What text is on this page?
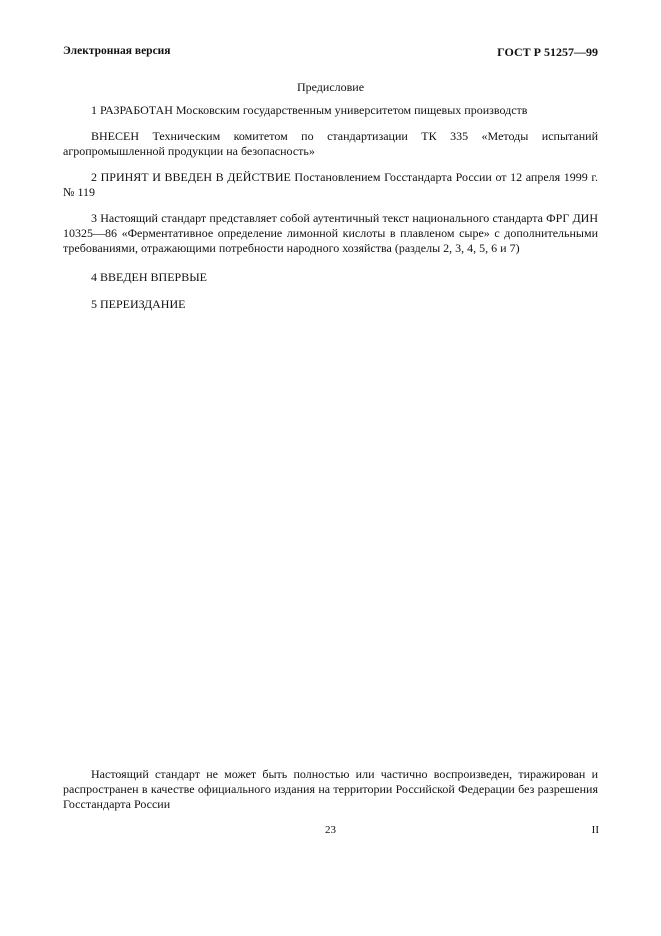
Электронная версия	ГОСТ Р 51257—99
Предисловие

1 РАЗРАБОТАН Московским государственным университетом пищевых производств

ВНЕСЕН Техническим комитетом по стандартизации ТК 335 «Методы испытаний агропромышленной продукции на безопасность»

2 ПРИНЯТ И ВВЕДЕН В ДЕЙСТВИЕ Постановлением Госстандарта России от 12 апреля 1999 г. № 119

3 Настоящий стандарт представляет собой аутентичный текст национального стандарта ФРГ ДИН 10325—86 «Ферментативное определение лимонной кислоты в плавленом сыре» с дополнительными требованиями, отражающими потребности народного хозяйства (разделы 2, 3, 4, 5, 6 и 7)

4 ВВЕДЕН ВПЕРВЫЕ

5 ПЕРЕИЗДАНИЕ

Настоящий стандарт не может быть полностью или частично воспроизведен, тиражирован и распространен в качестве официального издания на территории Российской Федерации без разрешения Госстандарта России

23	II
